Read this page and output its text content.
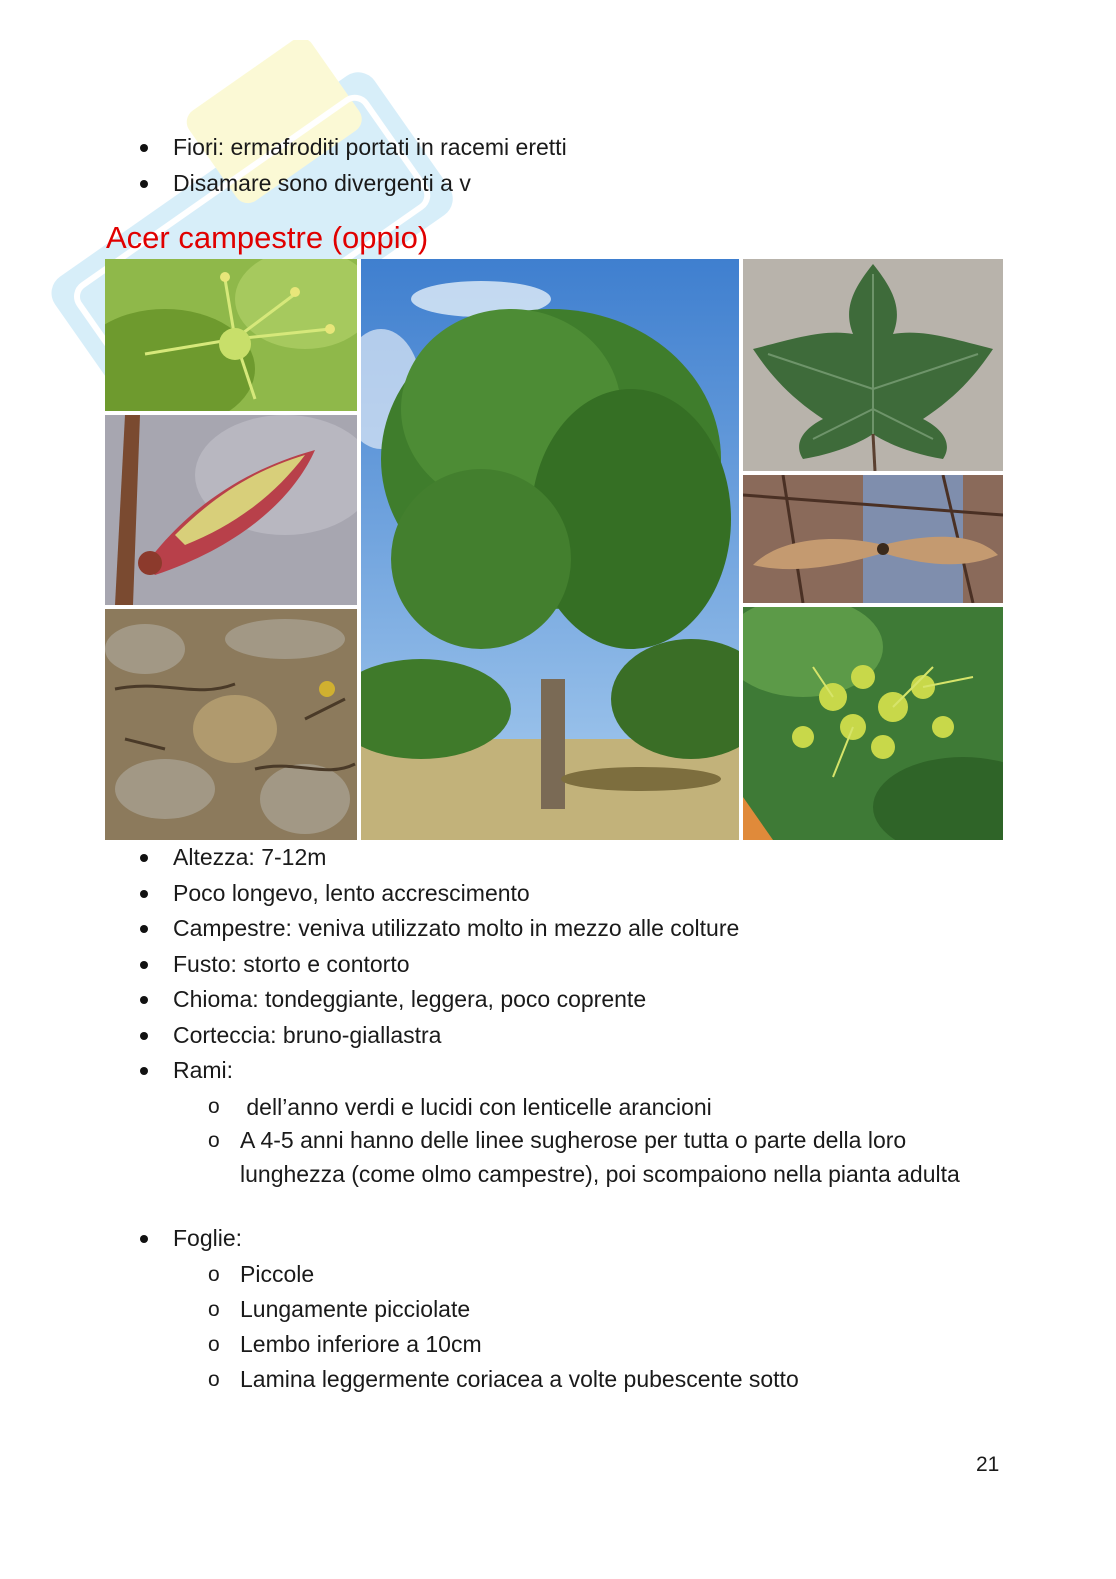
Fiori: ermafroditi portati in racemi eretti
Disamare sono divergenti a v
Acer campestre (oppio)
Altezza: 7-12m
Poco longevo, lento accrescimento
Campestre: veniva utilizzato molto in mezzo alle colture
Fusto: storto e contorto
Chioma: tondeggiante, leggera, poco coprente
Corteccia: bruno-giallastra
Rami:
o dell’anno verdi e lucidi con lenticelle arancioni
o A 4-5 anni hanno delle linee sugherose per tutta o parte della loro lunghezza (come olmo campestre), poi scompaiono nella pianta adulta
Foglie:
o Piccole
o Lungamente picciolate
o Lembo inferiore a 10cm
o Lamina leggermente coriacea a volte pubescente sotto
21
